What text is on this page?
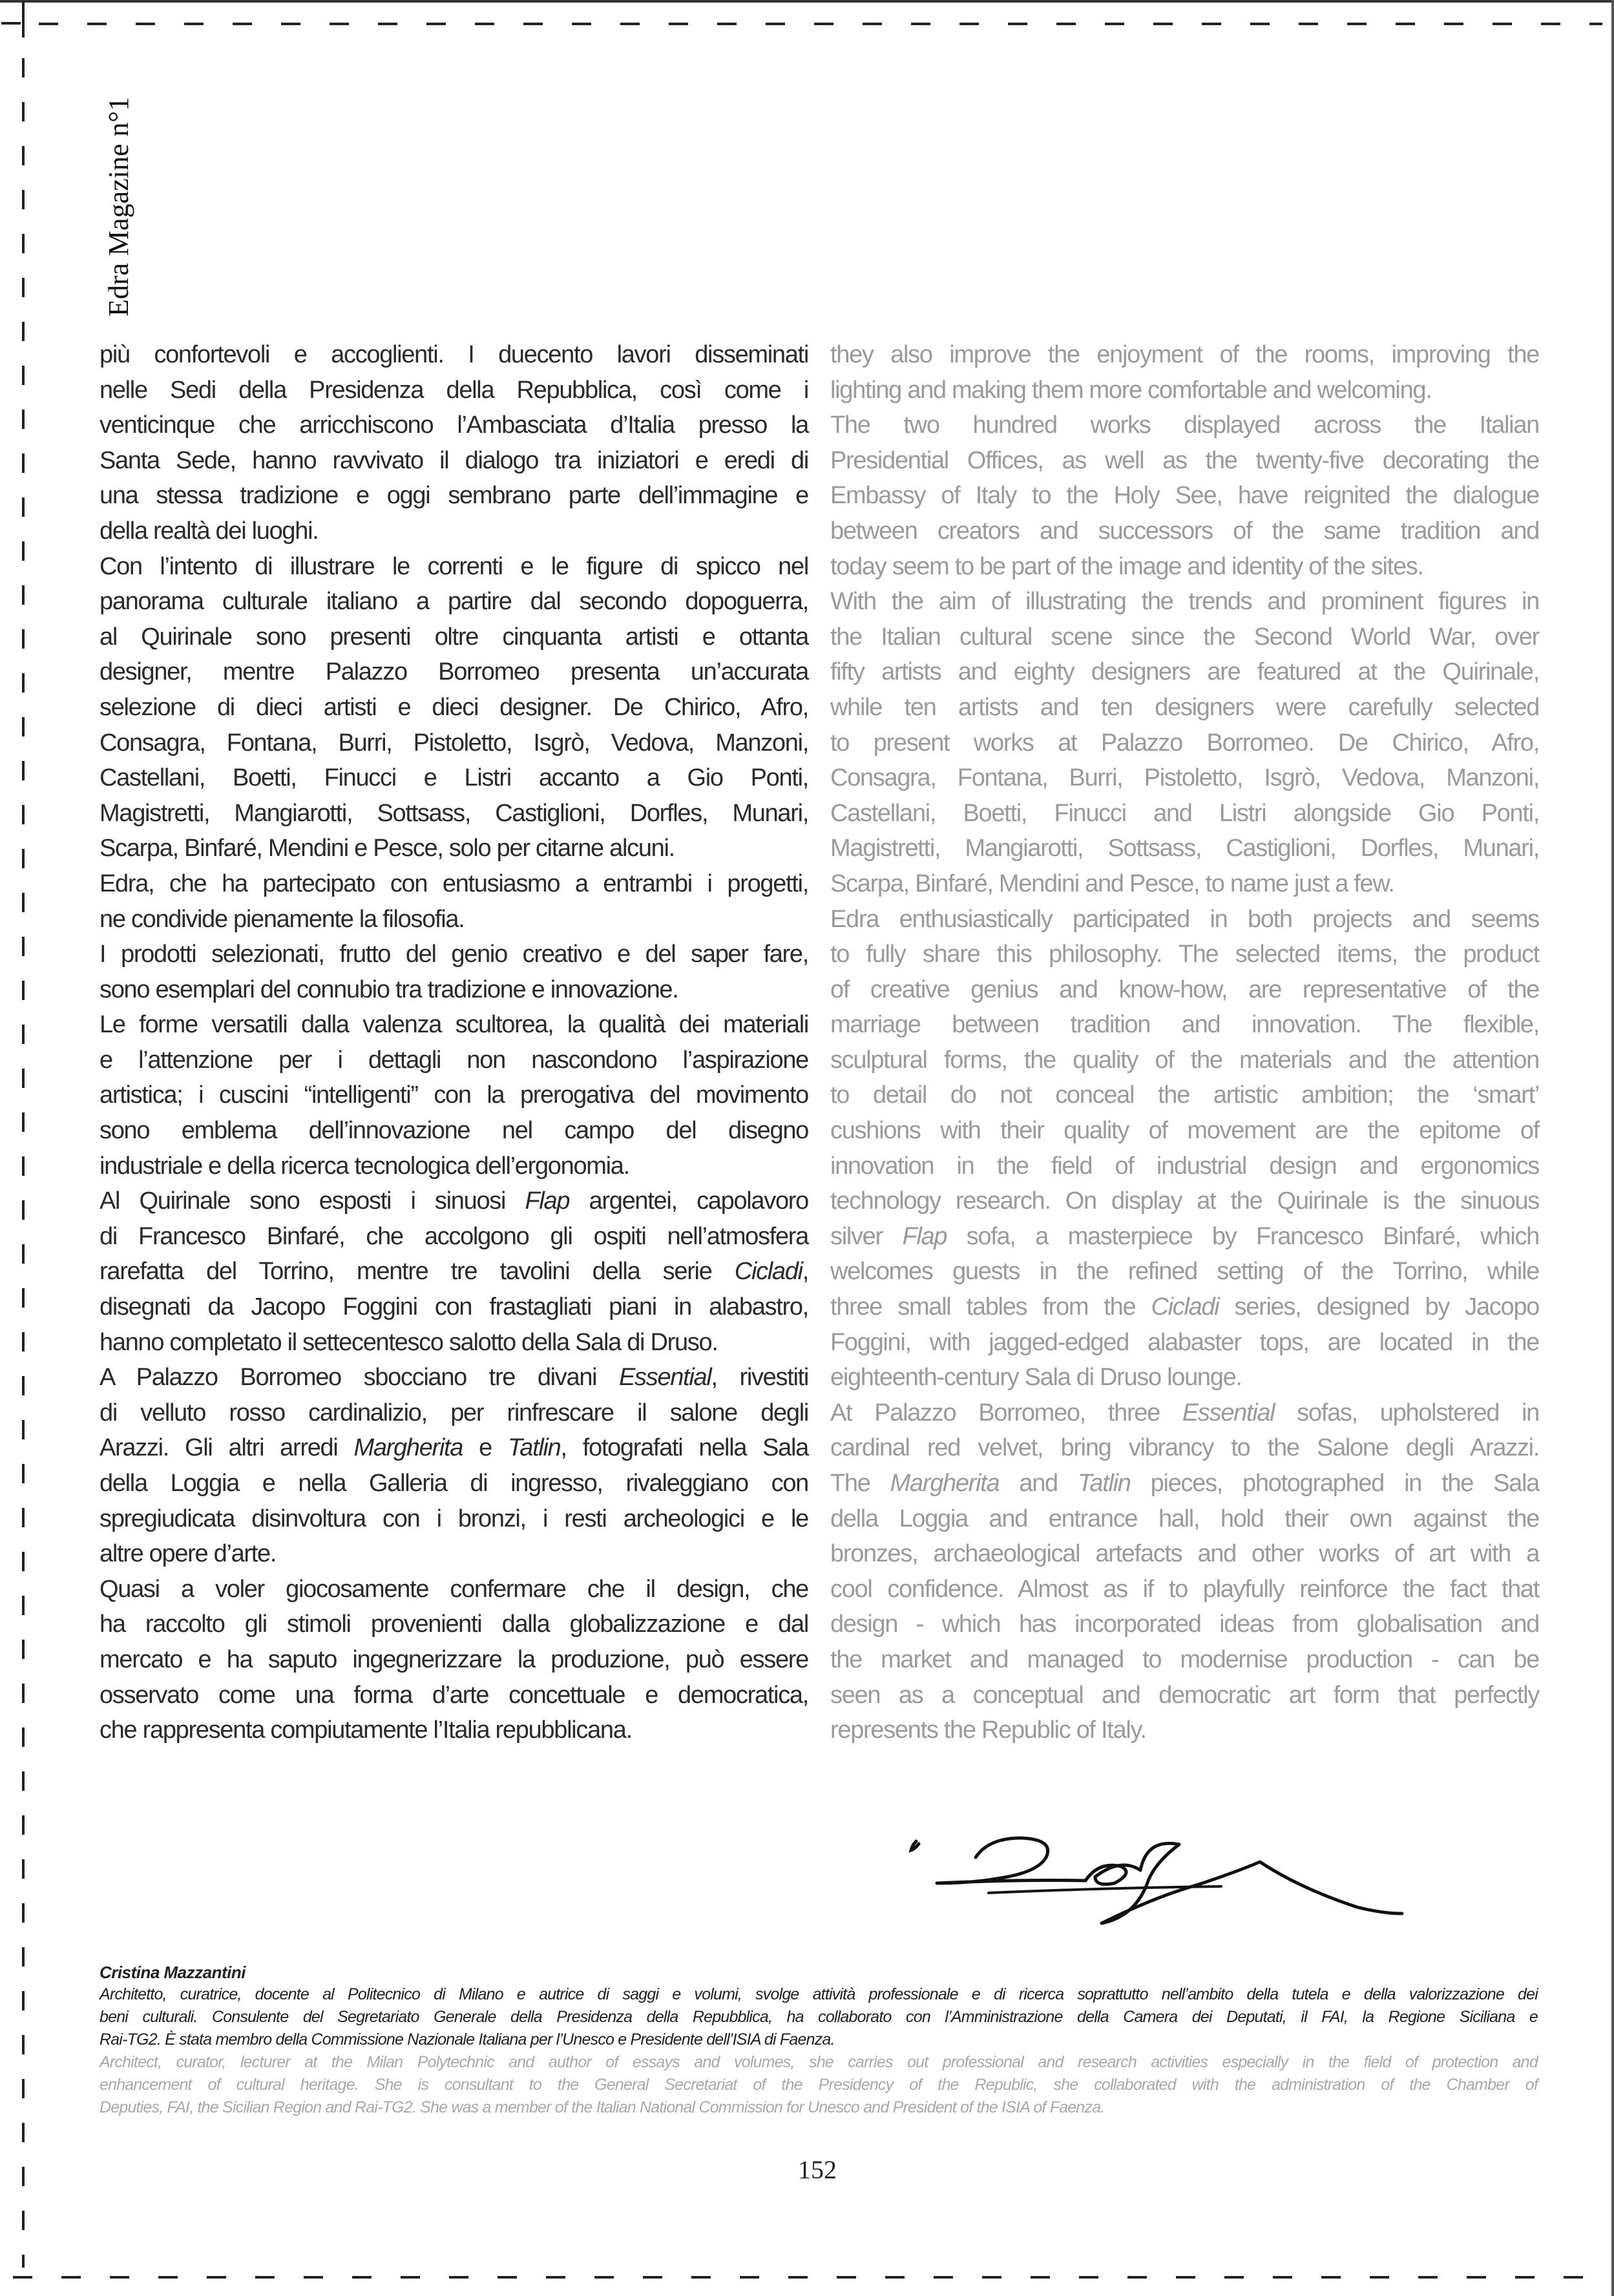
Edra Magazine n°1
più confortevoli e accoglienti. I duecento lavori disseminati
nelle Sedi della Presidenza della Repubblica, così come i
venticinque che arricchiscono l’Ambasciata d’Italia presso la
Santa Sede, hanno ravvivato il dialogo tra iniziatori e eredi di
una stessa tradizione e oggi sembrano parte dell’immagine e
della realtà dei luoghi.
Con l’intento di illustrare le correnti e le figure di spicco nel
panorama culturale italiano a partire dal secondo dopoguerra,
al Quirinale sono presenti oltre cinquanta artisti e ottanta
designer, mentre Palazzo Borromeo presenta un’accurata
selezione di dieci artisti e dieci designer. De Chirico, Afro,
Consagra, Fontana, Burri, Pistoletto, Isgrò, Vedova, Manzoni,
Castellani, Boetti, Finucci e Listri accanto a Gio Ponti,
Magistretti, Mangiarotti, Sottsass, Castiglioni, Dorfles, Munari,
Scarpa, Binfaré, Mendini e Pesce, solo per citarne alcuni.
Edra, che ha partecipato con entusiasmo a entrambi i progetti,
ne condivide pienamente la filosofia.
I prodotti selezionati, frutto del genio creativo e del saper fare,
sono esemplari del connubio tra tradizione e innovazione.
Le forme versatili dalla valenza scultorea, la qualità dei materiali
e l’attenzione per i dettagli non nascondono l’aspirazione
artistica; i cuscini “intelligenti” con la prerogativa del movimento
sono emblema dell’innovazione nel campo del disegno
industriale e della ricerca tecnologica dell’ergonomia.
Al Quirinale sono esposti i sinuosi Flap argentei, capolavoro
di Francesco Binfaré, che accolgono gli ospiti nell’atmosfera
rarefatta del Torrino, mentre tre tavolini della serie Cicladi,
disegnati da Jacopo Foggini con frastagliati piani in alabastro,
hanno completato il settecentesco salotto della Sala di Druso.
A Palazzo Borromeo sbocciano tre divani Essential, rivestiti
di velluto rosso cardinalizio, per rinfrescare il salone degli
Arazzi. Gli altri arredi Margherita e Tatlin, fotografati nella Sala
della Loggia e nella Galleria di ingresso, rivaleggiano con
spregiudicata disinvoltura con i bronzi, i resti archeologici e le
altre opere d’arte.
Quasi a voler giocosamente confermare che il design, che
ha raccolto gli stimoli provenienti dalla globalizzazione e dal
mercato e ha saputo ingegnerizzare la produzione, può essere
osservato come una forma d’arte concettuale e democratica,
che rappresenta compiutamente l’Italia repubblicana.
they also improve the enjoyment of the rooms, improving the
lighting and making them more comfortable and welcoming.
The two hundred works displayed across the Italian
Presidential Offices, as well as the twenty-five decorating the
Embassy of Italy to the Holy See, have reignited the dialogue
between creators and successors of the same tradition and
today seem to be part of the image and identity of the sites.
With the aim of illustrating the trends and prominent figures in
the Italian cultural scene since the Second World War, over
fifty artists and eighty designers are featured at the Quirinale,
while ten artists and ten designers were carefully selected
to present works at Palazzo Borromeo. De Chirico, Afro,
Consagra, Fontana, Burri, Pistoletto, Isgrò, Vedova, Manzoni,
Castellani, Boetti, Finucci and Listri alongside Gio Ponti,
Magistretti, Mangiarotti, Sottsass, Castiglioni, Dorfles, Munari,
Scarpa, Binfaré, Mendini and Pesce, to name just a few.
Edra enthusiastically participated in both projects and seems
to fully share this philosophy. The selected items, the product
of creative genius and know-how, are representative of the
marriage between tradition and innovation. The flexible,
sculptural forms, the quality of the materials and the attention
to detail do not conceal the artistic ambition; the ‘smart’
cushions with their quality of movement are the epitome of
innovation in the field of industrial design and ergonomics
technology research. On display at the Quirinale is the sinuous
silver Flap sofa, a masterpiece by Francesco Binfaré, which
welcomes guests in the refined setting of the Torrino, while
three small tables from the Cicladi series, designed by Jacopo
Foggini, with jagged-edged alabaster tops, are located in the
eighteenth-century Sala di Druso lounge.
At Palazzo Borromeo, three Essential sofas, upholstered in
cardinal red velvet, bring vibrancy to the Salone degli Arazzi.
The Margherita and Tatlin pieces, photographed in the Sala
della Loggia and entrance hall, hold their own against the
bronzes, archaeological artefacts and other works of art with a
cool confidence. Almost as if to playfully reinforce the fact that
design - which has incorporated ideas from globalisation and
the market and managed to modernise production - can be
seen as a conceptual and democratic art form that perfectly
represents the Republic of Italy.
Cristina Mazzantini
Architetto, curatrice, docente al Politecnico di Milano e autrice di saggi e volumi, svolge attività professionale e di ricerca soprattutto nell’ambito della tutela e della valorizzazione dei
beni culturali. Consulente del Segretariato Generale della Presidenza della Repubblica, ha collaborato con l’Amministrazione della Camera dei Deputati, il FAI, la Regione Siciliana e
Rai-TG2. È stata membro della Commissione Nazionale Italiana per l’Unesco e Presidente dell’ISIA di Faenza.
Architect, curator, lecturer at the Milan Polytechnic and author of essays and volumes, she carries out professional and research activities especially in the field of protection and
enhancement of cultural heritage. She is consultant to the General Secretariat of the Presidency of the Republic, she collaborated with the administration of the Chamber of
Deputies, FAI, the Sicilian Region and Rai-TG2. She was a member of the Italian National Commission for Unesco and President of the ISIA of Faenza.
152
